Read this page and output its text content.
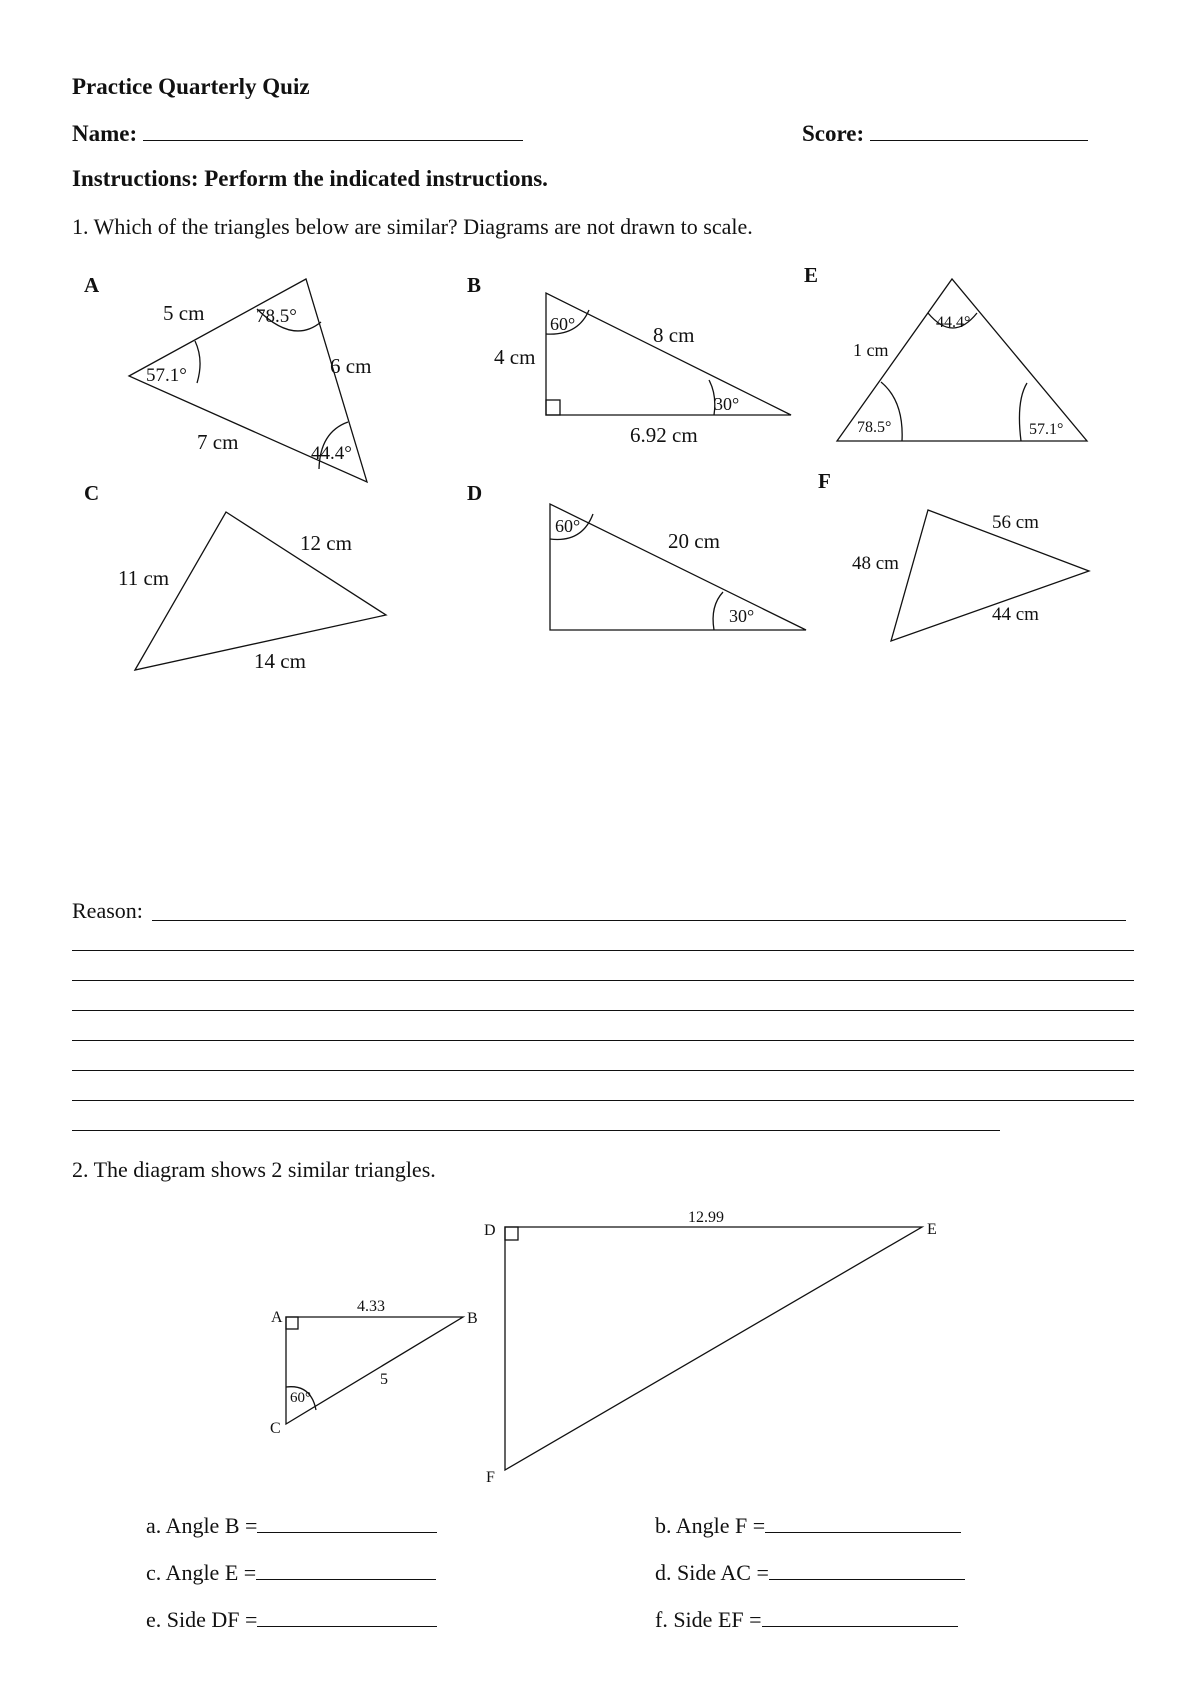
Practice Quarterly Quiz
Name:	Score:
Instructions: Perform the indicated instructions.
1. Which of the triangles below are similar? Diagrams are not drawn to scale.
A
5 cm
6 cm
7 cm
78.5°
57.1°
44.4°
B
4 cm
8 cm
6.92 cm
60°
30°
E
1 cm
44.4°
78.5°	57.1°
C
11 cm
12 cm
14 cm
D
20 cm
60°
30°
F
48 cm
56 cm
44 cm
Reason:
2. The diagram shows 2 similar triangles.
A	B
C
4.33
5
60°
D	E
F
12.99
a. Angle B =	b. Angle F =
c. Angle E =	d. Side AC =
e. Side DF =	f. Side EF =
